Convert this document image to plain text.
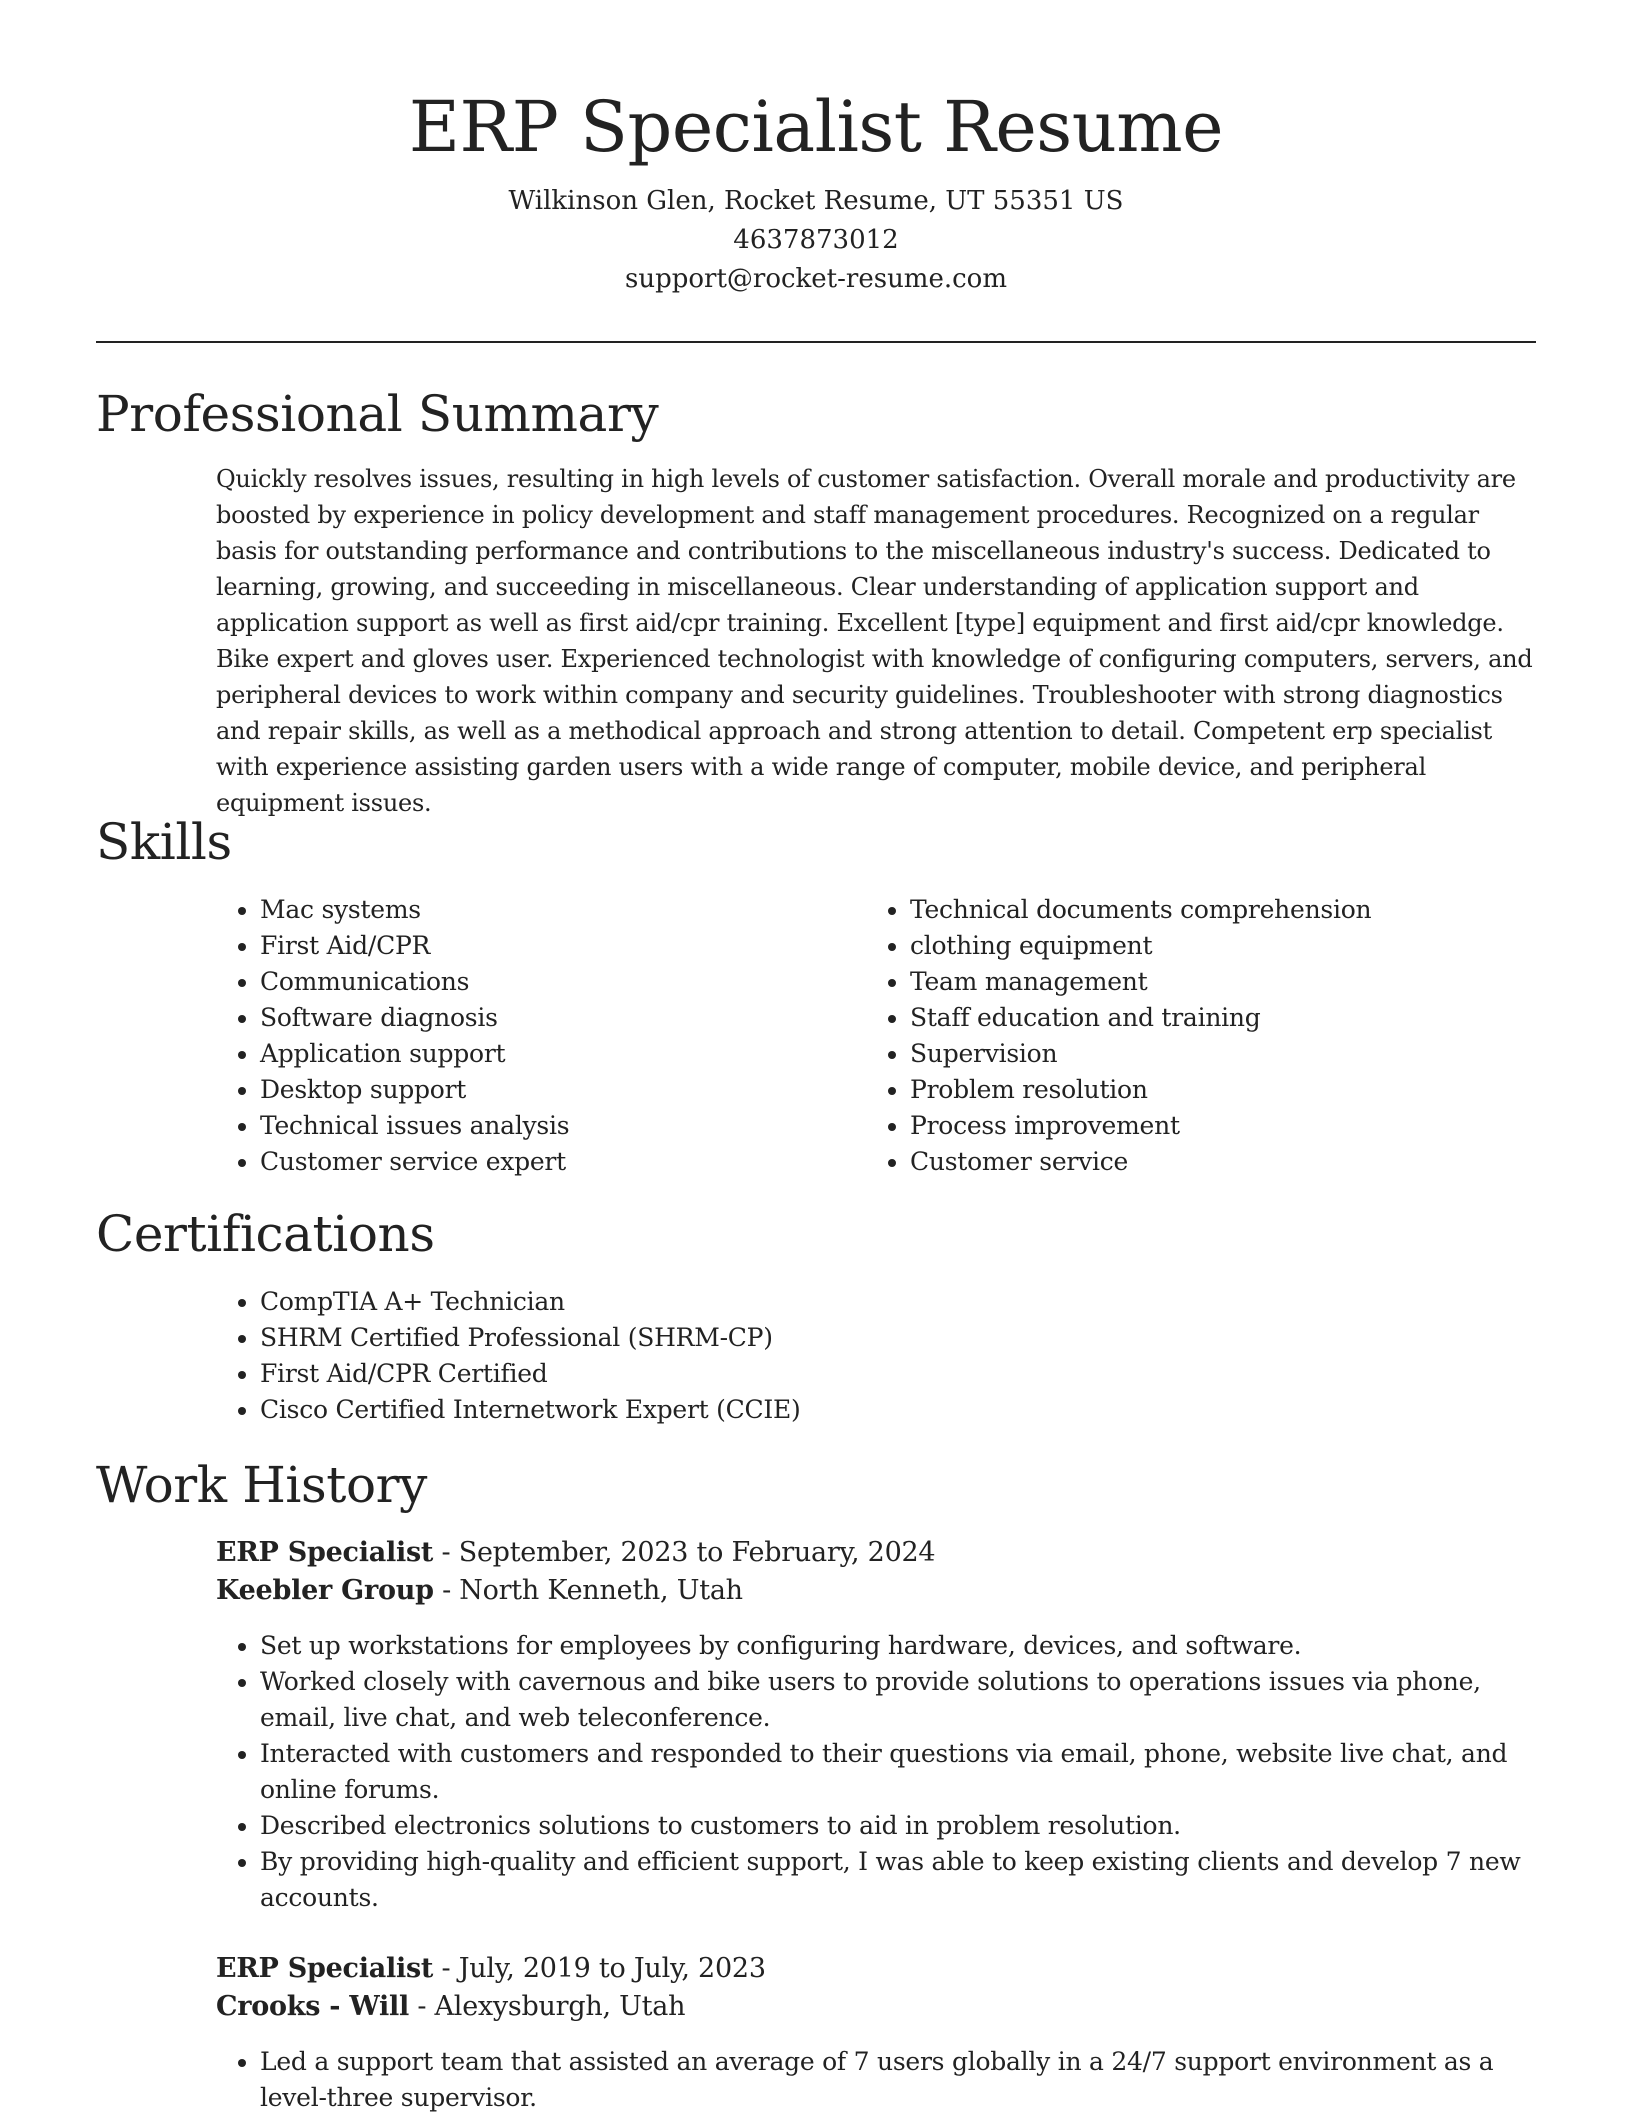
ERP Specialist Resume
Wilkinson Glen, Rocket Resume, UT 55351 US
4637873012
support@rocket-resume.com
Professional Summary

Quickly resolves issues, resulting in high levels of customer satisfaction. Overall morale and productivity are boosted by experience in policy development and staff management procedures. Recognized on a regular basis for outstanding performance and contributions to the miscellaneous industry's success. Dedicated to learning, growing, and succeeding in miscellaneous. Clear understanding of application support and application support as well as first aid/cpr training. Excellent [type] equipment and first aid/cpr knowledge. Bike expert and gloves user. Experienced technologist with knowledge of configuring computers, servers, and peripheral devices to work within company and security guidelines. Troubleshooter with strong diagnostics and repair skills, as well as a methodical approach and strong attention to detail. Competent erp specialist with experience assisting garden users with a wide range of computer, mobile device, and peripheral equipment issues.

Skills
• Mac systems
• First Aid/CPR
• Communications
• Software diagnosis
• Application support
• Desktop support
• Technical issues analysis
• Customer service expert
• Technical documents comprehension
• clothing equipment
• Team management
• Staff education and training
• Supervision
• Problem resolution
• Process improvement
• Customer service
Certifications
• CompTIA A+ Technician
• SHRM Certified Professional (SHRM-CP)
• First Aid/CPR Certified
• Cisco Certified Internetwork Expert (CCIE)
Work History
ERP Specialist - September, 2023 to February, 2024
Keebler Group - North Kenneth, Utah
• Set up workstations for employees by configuring hardware, devices, and software.
• Worked closely with cavernous and bike users to provide solutions to operations issues via phone, email, live chat, and web teleconference.
• Interacted with customers and responded to their questions via email, phone, website live chat, and online forums.
• Described electronics solutions to customers to aid in problem resolution.
• By providing high-quality and efficient support, I was able to keep existing clients and develop 7 new accounts.
ERP Specialist - July, 2019 to July, 2023
Crooks - Will - Alexysburgh, Utah
• Led a support team that assisted an average of 7 users globally in a 24/7 support environment as a level-three supervisor.
